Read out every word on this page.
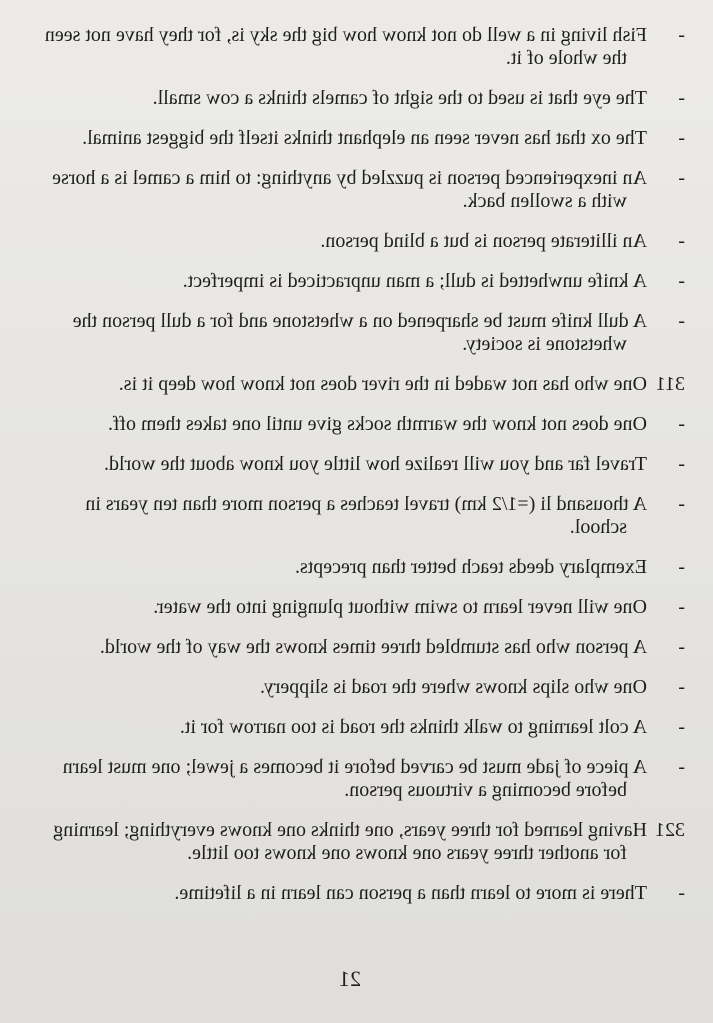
-
Fish living in a well do not know how big the sky is, for they have not seen the whole of it.
-
The eye that is used to the sight of camels thinks a cow small.
-
The ox that has never seen an elephant thinks itself the biggest animal.
-
An inexperienced person is puzzled by anything: to him a camel is a horse with a swollen back.
-
An illiterate person is but a blind person.
-
A knife unwhetted is dull; a man unpracticed is imperfect.
-
A dull knife must be sharpened on a whetstone and for a dull person the whetstone is society.
311
One who has not waded in the river does not know how deep it is.
-
One does not know the warmth socks give until one takes them off.
-
Travel far and you will realize how little you know about the world.
-
A thousand li (=1/2 km) travel teaches a person more than ten years in school.
-
Exemplary deeds teach better than precepts.
-
One will never learn to swim without plunging into the water.
-
A person who has stumbled three times knows the way of the world.
-
One who slips knows where the road is slippery.
-
A colt learning to walk thinks the road is too narrow for it.
-
A piece of jade must be carved before it becomes a jewel; one must learn before becoming a virtuous person.
321
Having learned for three years, one thinks one knows everything; learning for another three years one knows one knows too little.
-
There is more to learn than a person can learn in a lifetime.
21
